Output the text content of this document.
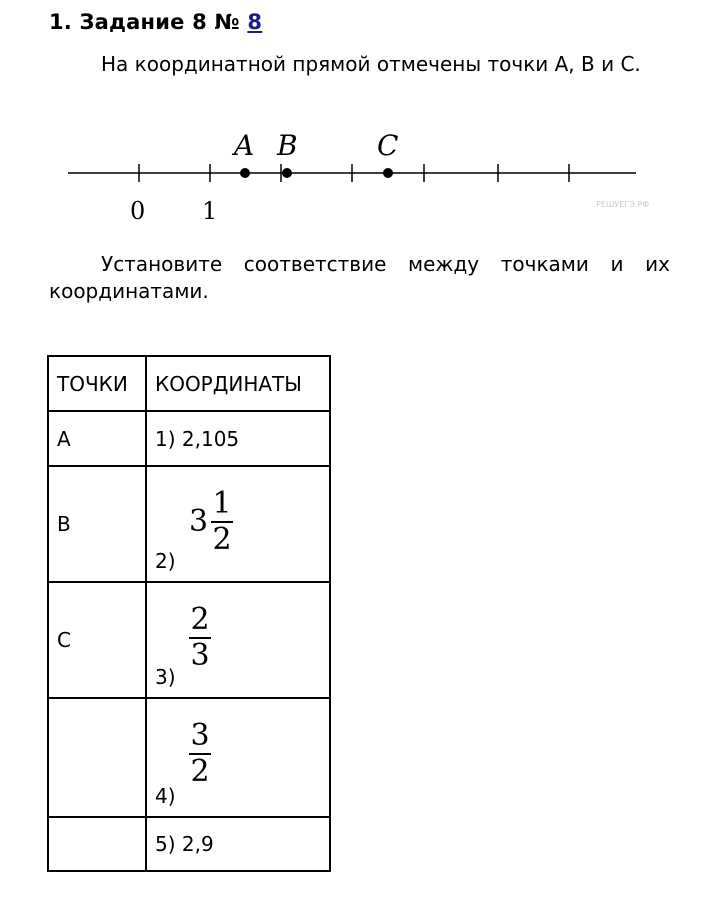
1. Задание 8 № 8
На координатной прямой отмечены точки A, B и C.
A B	C
0 1	РЕШУЕГЭ.РФ
Установите соответствие между точками и их координатами.
ТОЧКИ	КООРДИНАТЫ
A	1) 2,105
B	3
1
2
2)

C	2
3
3)

	3
2
4)

	5) 2,9
